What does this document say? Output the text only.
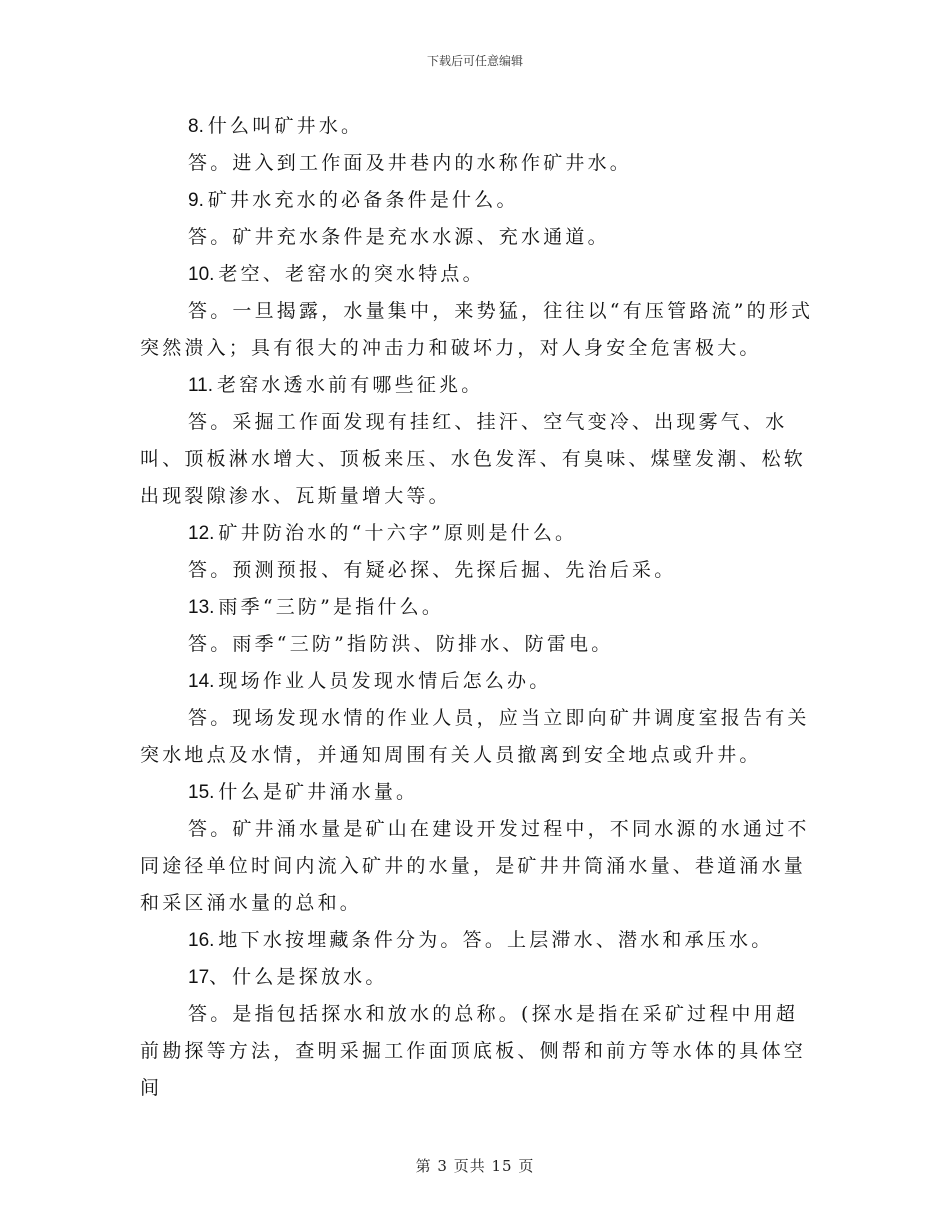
下载后可任意编辑

8. 什么叫矿井水。

答。进入到工作面及井巷内的水称作矿井水。

9. 矿井水充水的必备条件是什么。

答。矿井充水条件是充水水源、充水通道。

10. 老空、老窑水的突水特点。

答。一旦揭露，水量集中，来势猛，往往以“有压管路流”的形式突然溃入；具有很大的冲击力和破坏力，对人身安全危害极大。

11. 老窑水透水前有哪些征兆。

答。采掘工作面发现有挂红、挂汗、空气变冷、出现雾气、水叫、顶板淋水增大、顶板来压、水色发浑、有臭味、煤壁发潮、松软出现裂隙渗水、瓦斯量增大等。

12. 矿井防治水的“十六字”原则是什么。

答。预测预报、有疑必探、先探后掘、先治后采。

13. 雨季“三防”是指什么。

答。雨季“三防”指防洪、防排水、防雷电。

14. 现场作业人员发现水情后怎么办。

答。现场发现水情的作业人员，应当立即向矿井调度室报告有关突水地点及水情，并通知周围有关人员撤离到安全地点或升井。

15. 什么是矿井涌水量。

答。矿井涌水量是矿山在建设开发过程中，不同水源的水通过不同途径单位时间内流入矿井的水量，是矿井井筒涌水量、巷道涌水量和采区涌水量的总和。

16. 地下水按埋藏条件分为。答。上层滞水、潜水和承压水。

17、 什么是探放水。

答。是指包括探水和放水的总称。(探水是指在采矿过程中用超前勘探等方法，查明采掘工作面顶底板、侧帮和前方等水体的具体空间

第 3 页共 15 页
